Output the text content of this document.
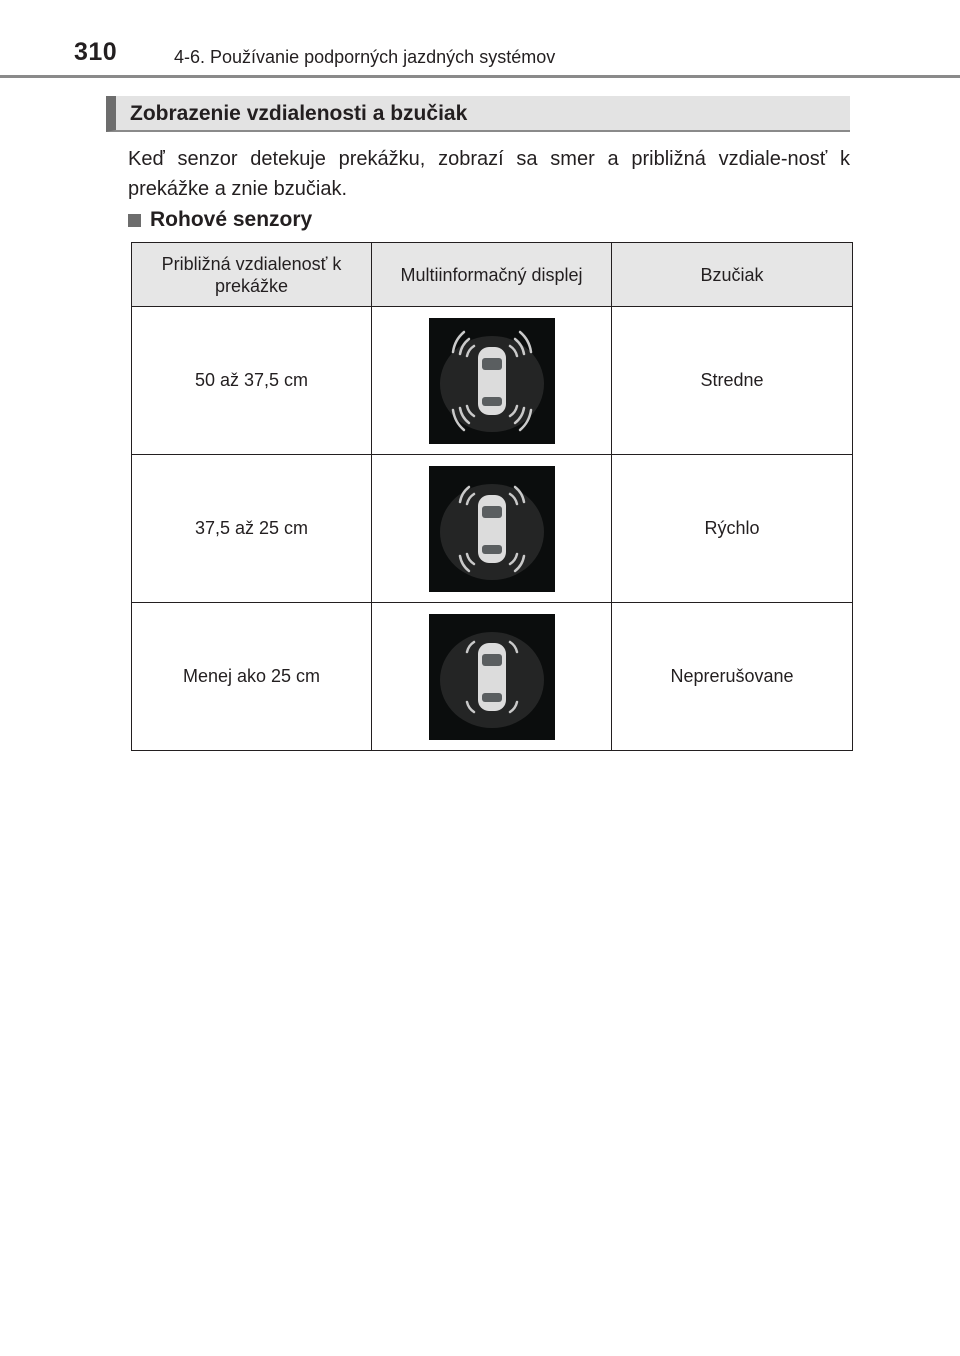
310	4-6. Používanie podporných jazdných systémov
Zobrazenie vzdialenosti a bzučiak
Keď senzor detekuje prekážku, zobrazí sa smer a približná vzdiale-nosť k prekážke a znie bzučiak.
Rohové senzory
Približná vzdialenosť k prekážke	Multiinformačný displej	Bzučiak
50 až 37,5 cm		Stredne
37,5 až 25 cm		Rýchlo
Menej ako 25 cm		Neprerušovane
